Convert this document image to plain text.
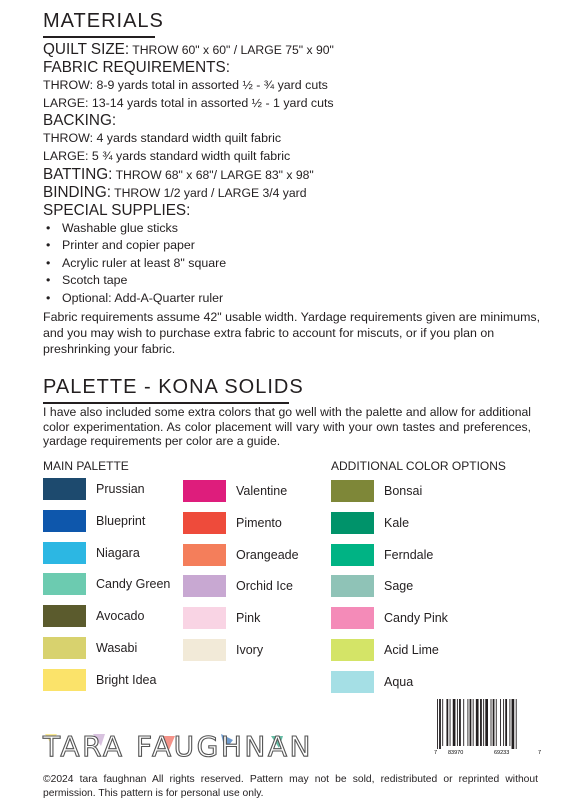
MATERIALS
QUILT SIZE: THROW 60" x 60" / LARGE 75" x 90"
FABRIC REQUIREMENTS:
THROW: 8-9 yards total in assorted ½ - ¾ yard cuts
LARGE: 13-14 yards total in assorted ½ - 1 yard cuts
BACKING:
THROW: 4 yards standard width quilt fabric
LARGE: 5 ¾ yards standard width quilt fabric
BATTING: THROW 68" x 68"/ LARGE 83" x 98"
BINDING: THROW 1/2 yard / LARGE 3/4 yard
SPECIAL SUPPLIES:
• Washable glue sticks
• Printer and copier paper
• Acrylic ruler at least 8" square
• Scotch tape
• Optional: Add-A-Quarter ruler
Fabric requirements assume 42" usable width. Yardage requirements given are minimums, and you may wish to purchase extra fabric to account for miscuts, or if you plan on preshrinking your fabric.
PALETTE - KONA SOLIDS
I have also included some extra colors that go well with the palette and allow for additional color experimentation. As color placement will vary with your own tastes and preferences, yardage requirements per color are a guide.
MAIN PALETTE	ADDITIONAL COLOR OPTIONS
Prussian
Blueprint
Niagara
Candy Green
Avocado
Wasabi
Bright Idea
Valentine
Pimento
Orangeade
Orchid Ice
Pink
Ivory
Bonsai
Kale
Ferndale
Sage
Candy Pink
Acid Lime
Aqua
TARA FAUGHNAN	7 83970	69233	7
©2024 tara faughnan All rights reserved. Pattern may not be sold, redistributed or reprinted without permission. This pattern is for personal use only.
